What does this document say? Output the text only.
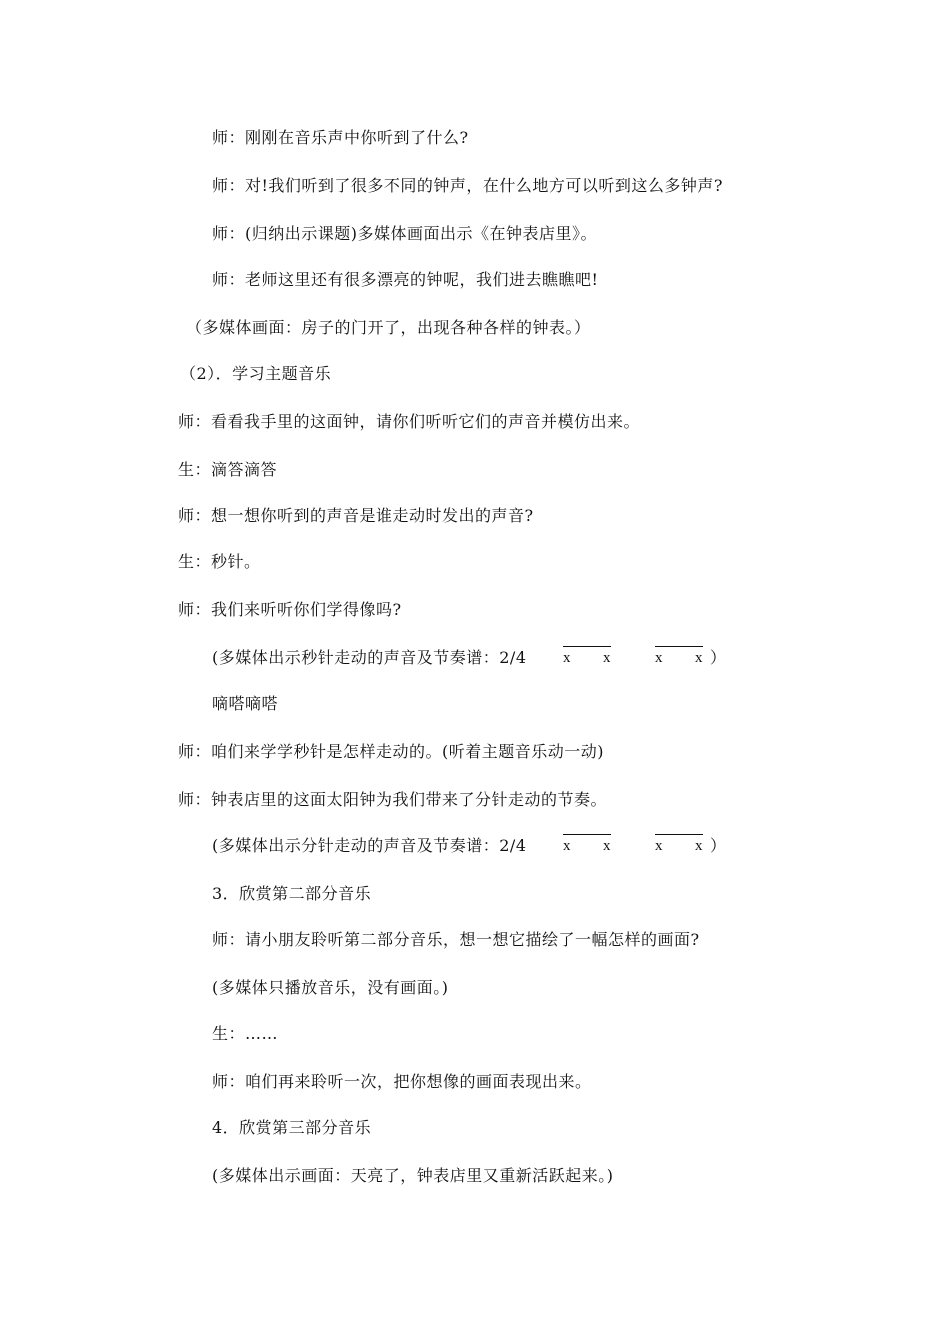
师：刚刚在音乐声中你听到了什么?
师：对!我们听到了很多不同的钟声，在什么地方可以听到这么多钟声?
师：(归纳出示课题)多媒体画面出示《在钟表店里》。
师：老师这里还有很多漂亮的钟呢，我们进去瞧瞧吧!
（多媒体画面：房子的门开了，出现各种各样的钟表。）
（2）．学习主题音乐
师：看看我手里的这面钟，请你们听听它们的声音并模仿出来。
生：滴答滴答
师：想一想你听到的声音是谁走动时发出的声音?
生：秒针。
师：我们来听听你们学得像吗?
(多媒体出示秒针走动的声音及节奏谱：2/4 x x	x x ）
嘀嗒嘀嗒
师：咱们来学学秒针是怎样走动的。(听着主题音乐动一动)
师：钟表店里的这面太阳钟为我们带来了分针走动的节奏。
(多媒体出示分针走动的声音及节奏谱：2/4 x x	x x ）
3．欣赏第二部分音乐
师：请小朋友聆听第二部分音乐，想一想它描绘了一幅怎样的画面?
(多媒体只播放音乐，没有画面。)
生：……
师：咱们再来聆听一次，把你想像的画面表现出来。
4．欣赏第三部分音乐
(多媒体出示画面：天亮了，钟表店里又重新活跃起来。)
